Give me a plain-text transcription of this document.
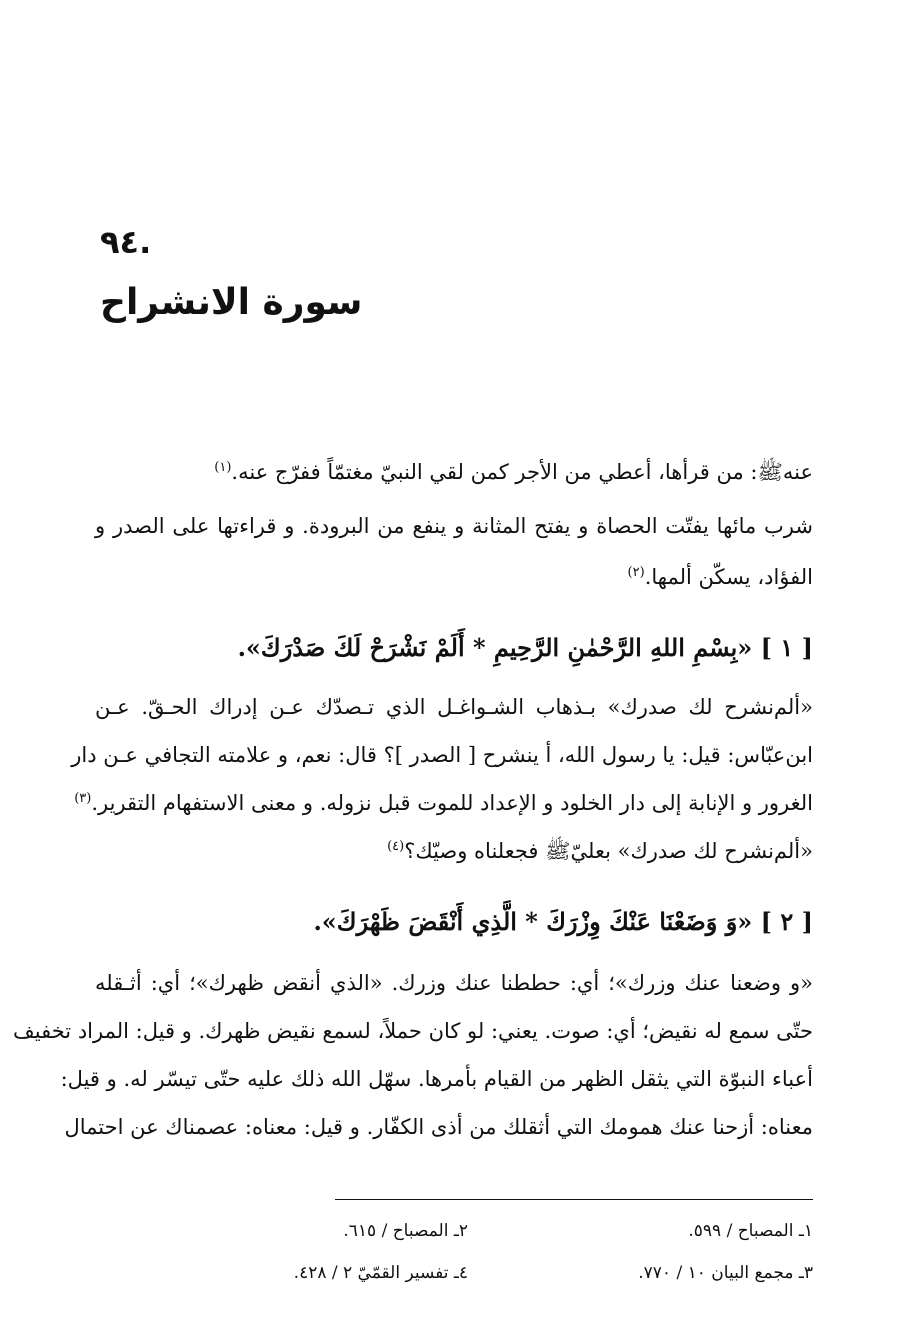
٩٤.
سورة الانشراح
عنهﷺ: من قرأها، أعطي من الأجر كمن لقي النبيّ مغتمّاً ففرّج عنه.$^{(١)}$
شرب مائها يفتّت الحصاة و يفتح المثانة و ينفع من البرودة. و قراءتها على الصدر و
الفؤاد، يسكّن ألمها.$^{(٢)}$
[ ١ ] «بِسْمِ اللهِ الرَّحْمٰنِ الرَّحِيمِ * أَلَمْ نَشْرَحْ لَكَ صَدْرَكَ».
«ألم‌نشرح لك صدرك» بـذهاب الشـواغـل الذي تـصدّك عـن إدراك الحـقّ. عـن
ابن‌عبّاس: قيل: يا رسول الله، أ ينشرح [ الصدر ]؟ قال: نعم، و علامته التجافي عـن دار
الغرور و الإنابة إلى دار الخلود و الإعداد للموت قبل نزوله. و معنى الاستفهام التقرير.$^{(٣)}$
«ألم‌نشرح لك صدرك» بعليّﷺ فجعلناه وصيّك؟$^{(٤)}$
[ ٢ ] «وَ وَضَعْنَا عَنْكَ وِزْرَكَ * الَّذِي أَنْقَضَ ظَهْرَكَ».
«و وضعنا عنك وزرك»؛ أي: حططنا عنك وزرك. «الذي أنقض ظهرك»؛ أي: أثـقله
حتّى سمع له نقيض؛ أي: صوت. يعني: لو كان حملاً، لسمع نقيض ظهرك. و قيل: المراد تخفيف
أعباء النبوّة التي يثقل الظهر من القيام بأمرها. سهّل الله ذلك عليه حتّى تيسّر له. و قيل:
معناه: أزحنا عنك همومك التي أثقلك من أذى الكفّار. و قيل: معناه: عصمناك عن احتمال
١ـ المصباح / ٥٩٩.
٢ـ المصباح / ٦١٥.
٣ـ مجمع البيان ١٠ / ٧٧٠.
٤ـ تفسير القمّيّ ٢ / ٤٢٨.
